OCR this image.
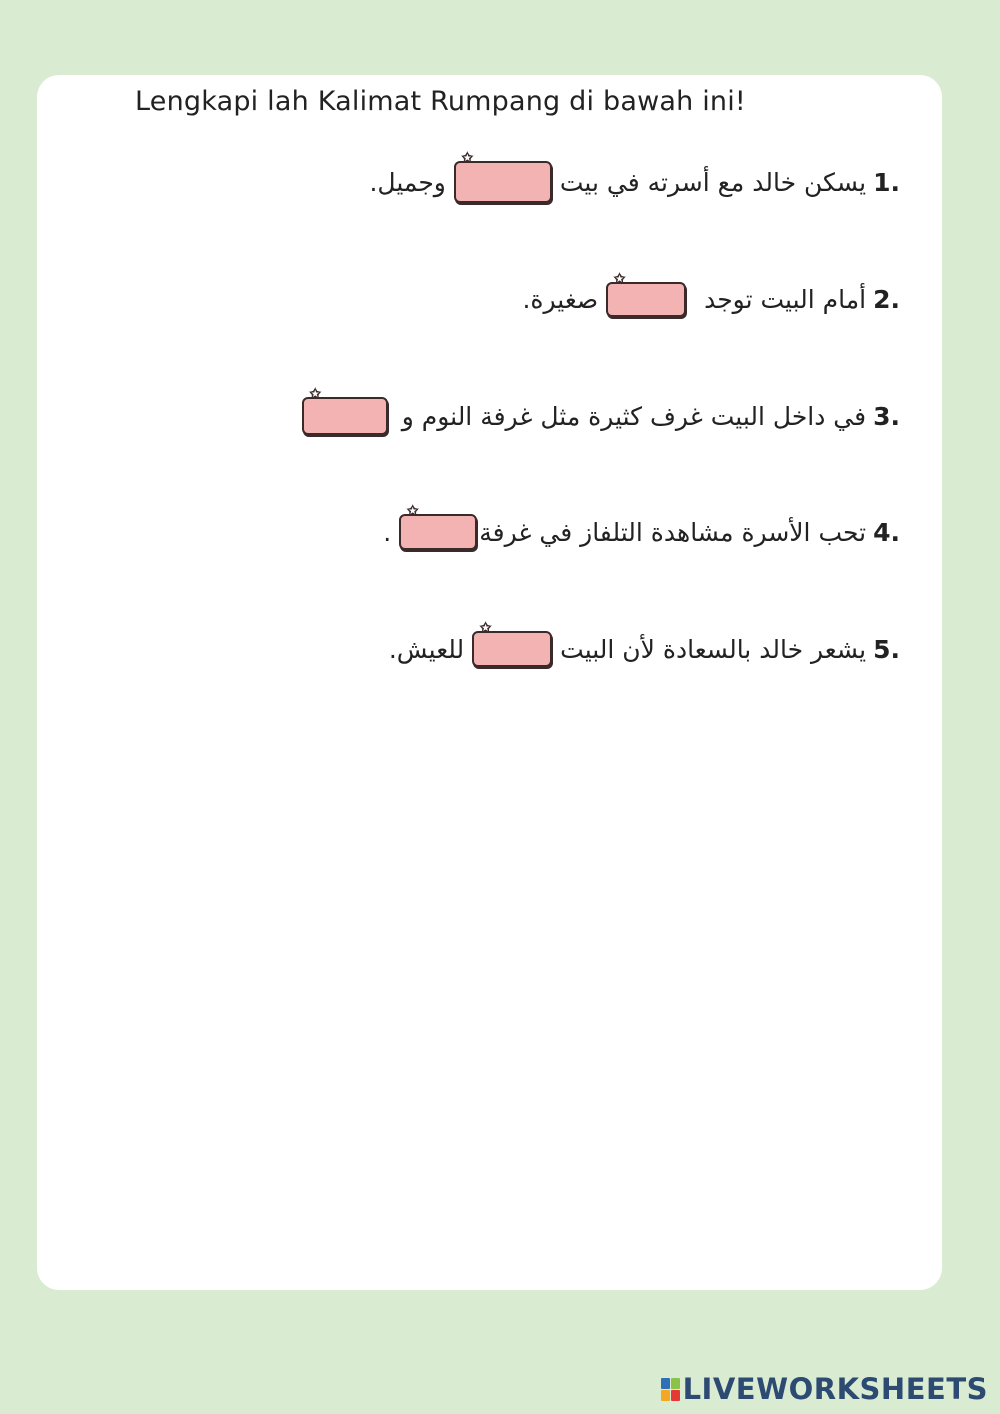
Lengkapi lah Kalimat Rumpang di bawah ini!
1.
يسكن خالد مع أسرته في بيت
✩
وجميل.
2.
أمام البيت توجد
✩
صغيرة.
3.
في داخل البيت غرف كثيرة مثل غرفة النوم و
✩
4.
تحب الأسرة مشاهدة التلفاز في غرفة
✩
.
5.
يشعر خالد بالسعادة لأن البيت
✩
للعيش.
LIVEWORKSHEETS
